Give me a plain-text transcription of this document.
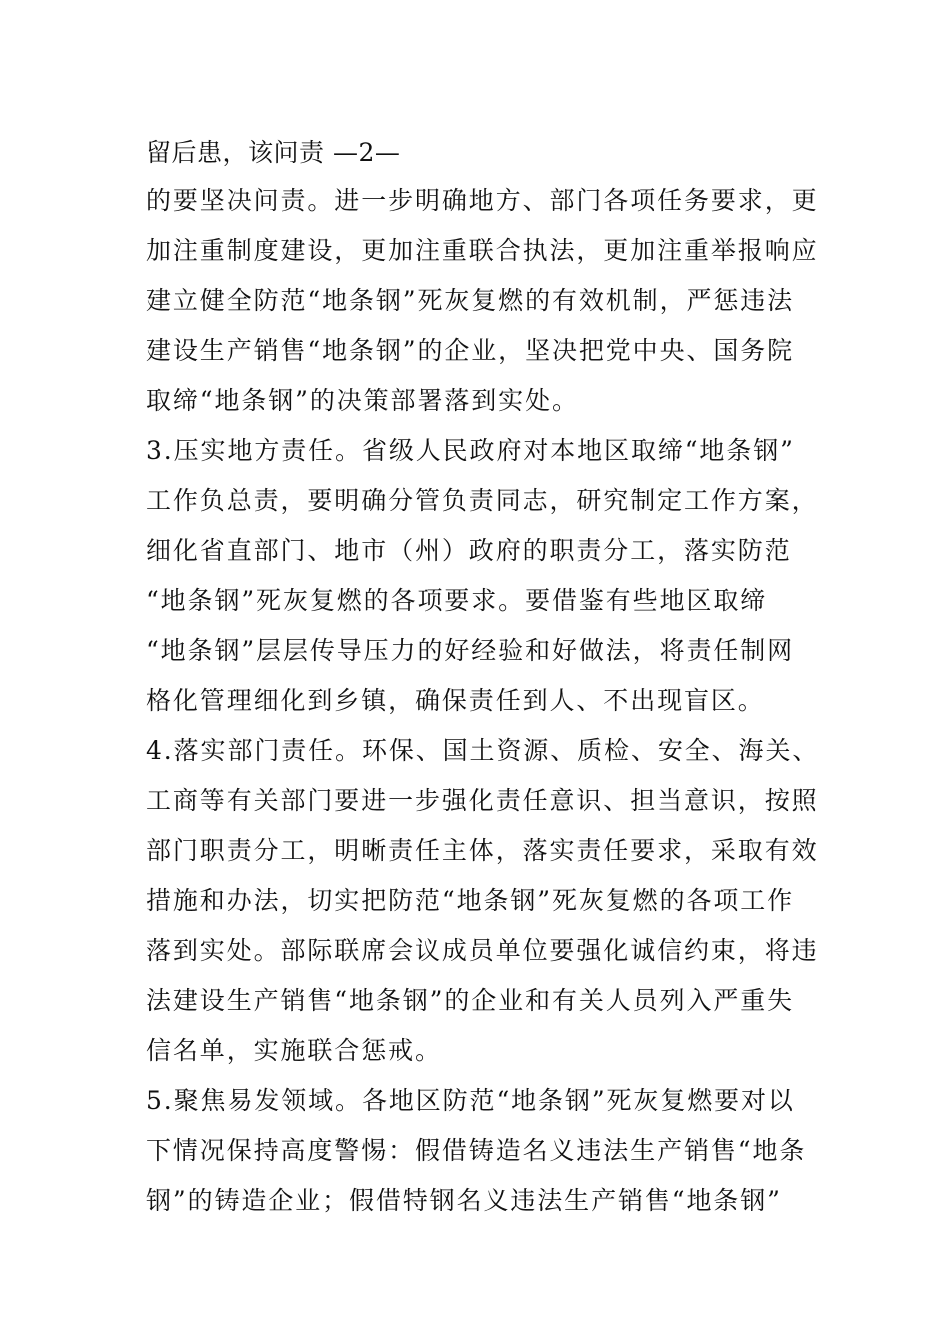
留后患，该问责 —2—
的要坚决问责。进一步明确地方、部门各项任务要求，更
加注重制度建设，更加注重联合执法，更加注重举报响应
建立健全防范“地条钢”死灰复燃的有效机制，严惩违法
建设生产销售“地条钢”的企业，坚决把党中央、国务院
取缔“地条钢”的决策部署落到实处。
3.压实地方责任。省级人民政府对本地区取缔“地条钢”
工作负总责，要明确分管负责同志，研究制定工作方案，
细化省直部门、地市（州）政府的职责分工，落实防范
“地条钢”死灰复燃的各项要求。要借鉴有些地区取缔
“地条钢”层层传导压力的好经验和好做法，将责任制网
格化管理细化到乡镇，确保责任到人、不出现盲区。
4.落实部门责任。环保、国土资源、质检、安全、海关、
工商等有关部门要进一步强化责任意识、担当意识，按照
部门职责分工，明晰责任主体，落实责任要求，采取有效
措施和办法，切实把防范“地条钢”死灰复燃的各项工作
落到实处。部际联席会议成员单位要强化诚信约束，将违
法建设生产销售“地条钢”的企业和有关人员列入严重失
信名单，实施联合惩戒。
5.聚焦易发领域。各地区防范“地条钢”死灰复燃要对以
下情况保持高度警惕：假借铸造名义违法生产销售“地条
钢”的铸造企业；假借特钢名义违法生产销售“地条钢”
